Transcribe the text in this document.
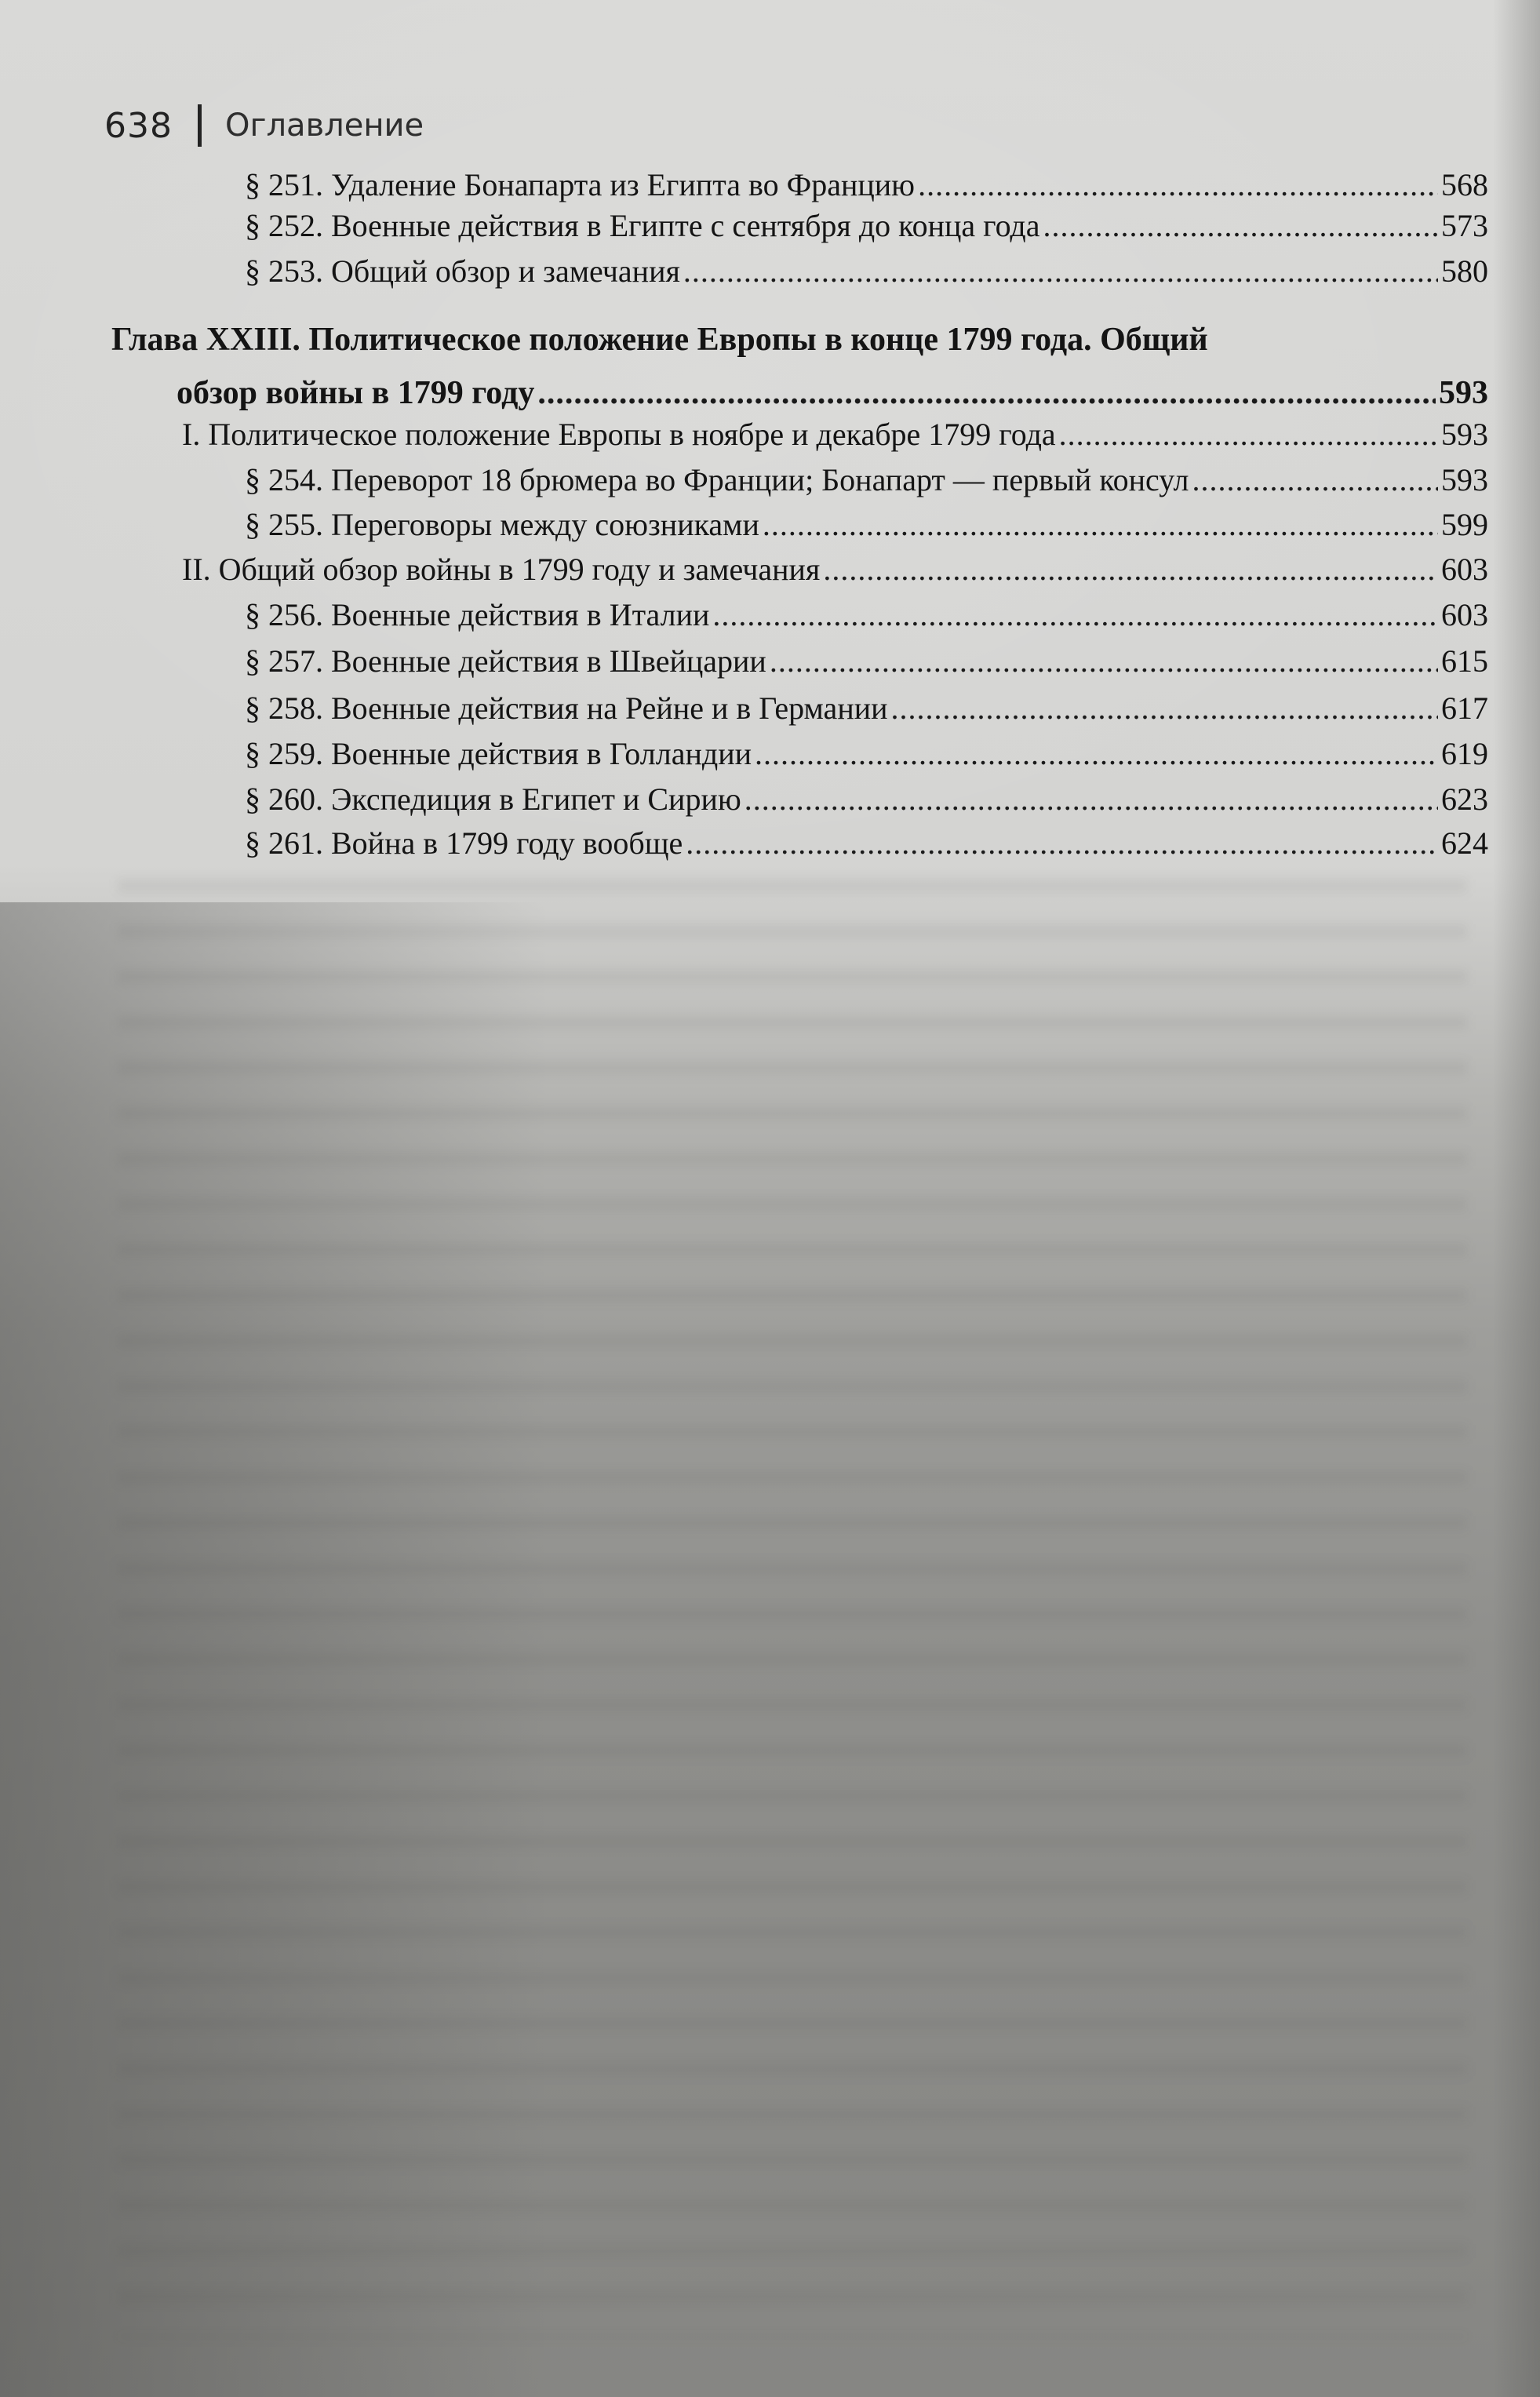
638 Оглавление
§ 251. Удаление Бонапарта из Египта во Францию .....	568
§ 252. Военные действия в Египте с сентября до конца года .....	573
§ 253. Общий обзор и замечания .....	580
Глава XXIII. Политическое положение Европы в конце 1799 года. Общий
обзор войны в 1799 году .....	593
I. Политическое положение Европы в ноябре и декабре 1799 года .....	593
§ 254. Переворот 18 брюмера во Франции; Бонапарт — первый консул .....	593
§ 255. Переговоры между союзниками .....	599
II. Общий обзор войны в 1799 году и замечания .....	603
§ 256. Военные действия в Италии .....	603
§ 257. Военные действия в Швейцарии .....	615
§ 258. Военные действия на Рейне и в Германии .....	617
§ 259. Военные действия в Голландии .....	619
§ 260. Экспедиция в Египет и Сирию .....	623
§ 261. Война в 1799 году вообще .....	624
